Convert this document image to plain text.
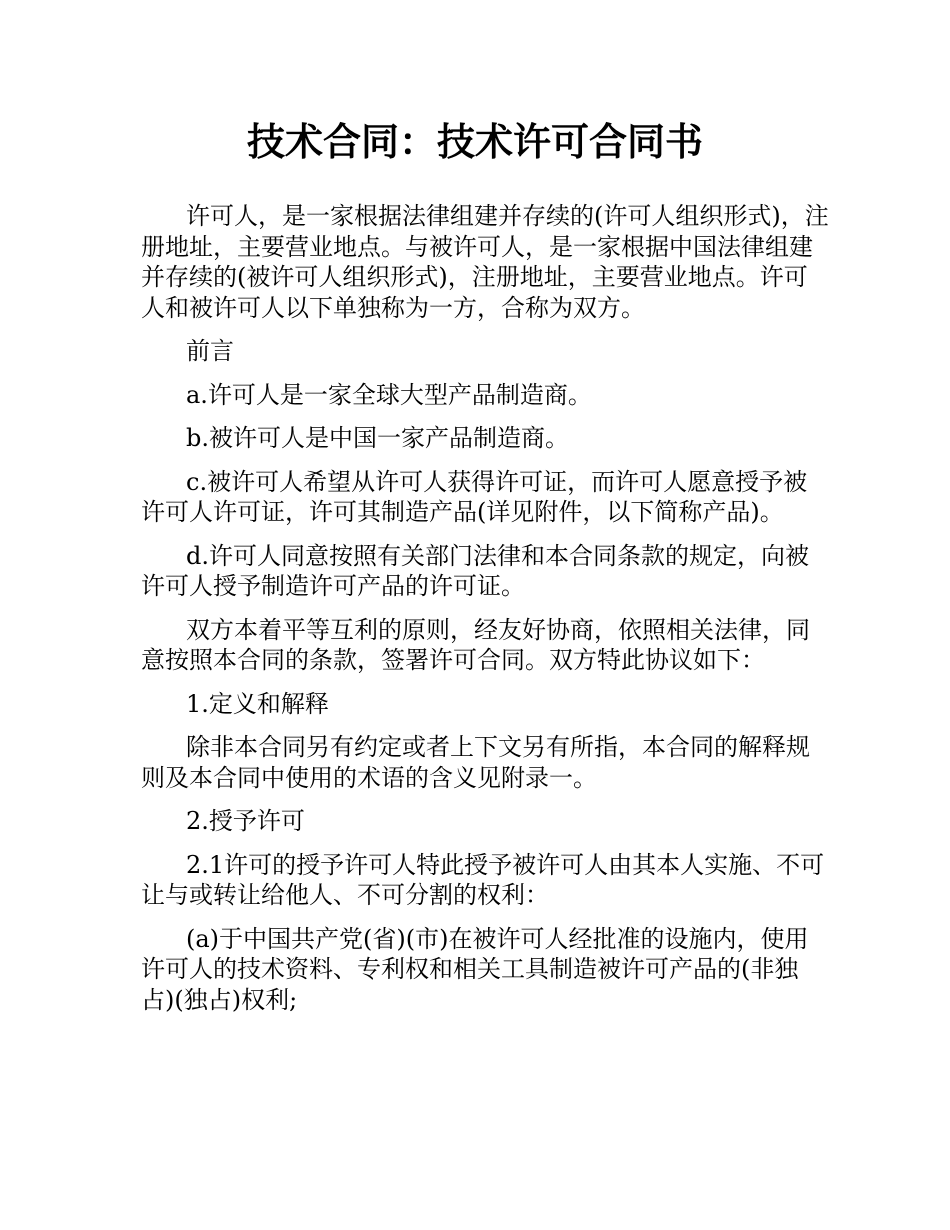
技术合同：技术许可合同书

许可人，是一家根据法律组建并存续的(许可人组织形式)，注册地址，主要营业地点。与被许可人，是一家根据中国法律组建并存续的(被许可人组织形式)，注册地址，主要营业地点。许可人和被许可人以下单独称为一方，合称为双方。

前言

a.许可人是一家全球大型产品制造商。

b.被许可人是中国一家产品制造商。

c.被许可人希望从许可人获得许可证，而许可人愿意授予被许可人许可证，许可其制造产品(详见附件，以下简称产品)。

d.许可人同意按照有关部门法律和本合同条款的规定，向被许可人授予制造许可产品的许可证。

双方本着平等互利的原则，经友好协商，依照相关法律，同意按照本合同的条款，签署许可合同。双方特此协议如下：

1.定义和解释

除非本合同另有约定或者上下文另有所指，本合同的解释规则及本合同中使用的术语的含义见附录一。

2.授予许可

2.1许可的授予许可人特此授予被许可人由其本人实施、不可让与或转让给他人、不可分割的权利：

(a)于中国共产党(省)(市)在被许可人经批准的设施内，使用许可人的技术资料、专利权和相关工具制造被许可产品的(非独占)(独占)权利;
